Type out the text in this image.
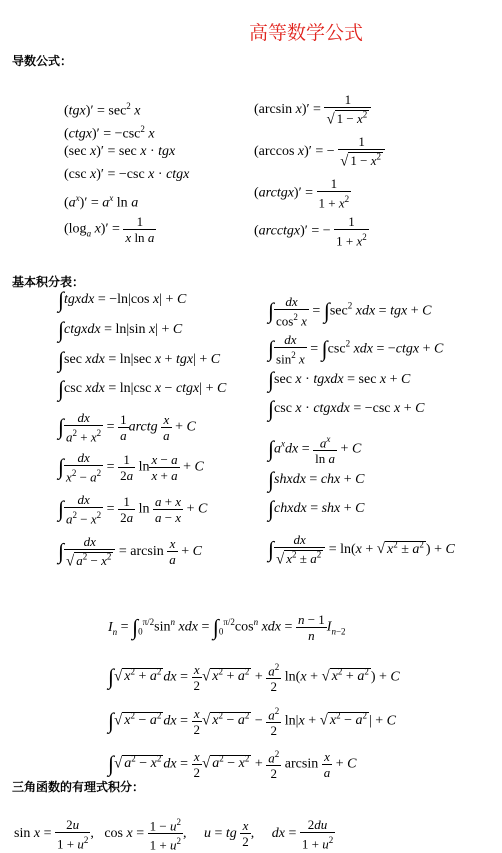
高等数学公式
导数公式：
$(tgx)' = \sec^2 x$
(ctgx)′ = $-\csc^2$ x
(sec x)′ = sec x · tgx
(csc x)′ = −csc x · ctgx
$(a^x)' = a^x$ ln a
($\log_a$ $x)' = \frac{1}{\text{x ln a}}$
(arcsin $x)' = \frac{1}{√ 1 - x^2}$
(arccos x)′ = − $\frac{1}{√ 1 - x^2}$
(arctgx)′ = $\frac{1}{1 + x^2}$
(arcctgx)′ = − $\frac{1}{1 + x^2}$
基本积分表：
∫tgxdx = −ln|cos x| + C
∫ctgxdx = ln|sin x| + C
∫sec xdx = ln|sec x + tgx| + C
∫csc xdx = ln|csc x − ctgx| + C
∫ $\frac{dx}{a^2 + x^2} = \frac{1}{a}$ arctg $\frac{x}{a} + C$
∫ $\frac{dx}{x^2 - a^2} = \frac{1}{2a}$ $\ln \frac{x - a}{x + a} + C$
∫ $\frac{dx}{a^2 - x^2} = \frac{1}{2a}$ $\ln \frac{a + x}{a - x} + C$
∫ $\frac{dx}{√ a^2 - x^2} = \arcsin \frac{x}{a} + C$
∫ $\frac{dx}{\cos^2 x} = \int\sec^2$ xdx = tgx + C
∫ $\frac{dx}{\sin^2 x} = \int\csc^2$ xdx = −ctgx + C
∫sec x · tgxdx = sec x + C
∫csc x · ctgxdx = −csc x + C
$\int a^xdx = \frac{a^x}{\text{ln a}} + C$
∫shxdx = chx + C
∫chxdx = shx + C
∫ $\frac{dx}{√ x^2 \pm a^2} = \ln(x$ + √ $x^2 \pm a^2$ ) + C
$I_n = \int_0^{\pi/2}\sin^n$ xdx = $\int_0^{\pi/2}\cos^n$ xdx = $\frac{n - 1}{n} I_{n-2}$
∫√ $x^2 + a^2$ dx = $\frac{x}{2}$ √ $x^2 + a^2 + \frac{a^2}{2} \ln(x$ + √ $x^2 + a^2$ ) + C
∫√ $x^2 - a^2$ dx = $\frac{x}{2}$ √ $x^2 - a^2 - \frac{a^2}{2} \ln|x$ + √ $x^2 - a^2$ | + C
∫√ $a^2 - x^2$ dx = $\frac{x}{2}$ √ $a^2 - x^2 + \frac{a^2}{2}$ $\arcsin \frac{x}{a} + C$
三角函数的有理式积分：
$\sin x = \frac{2u}{1 + u^2}$ ,   $\cos x = \frac{1 - u^2}{1 + u^2}$ ,     u = tg $\frac{x}{2}$ ,     dx = $\frac{2du}{1 + u^2}$
